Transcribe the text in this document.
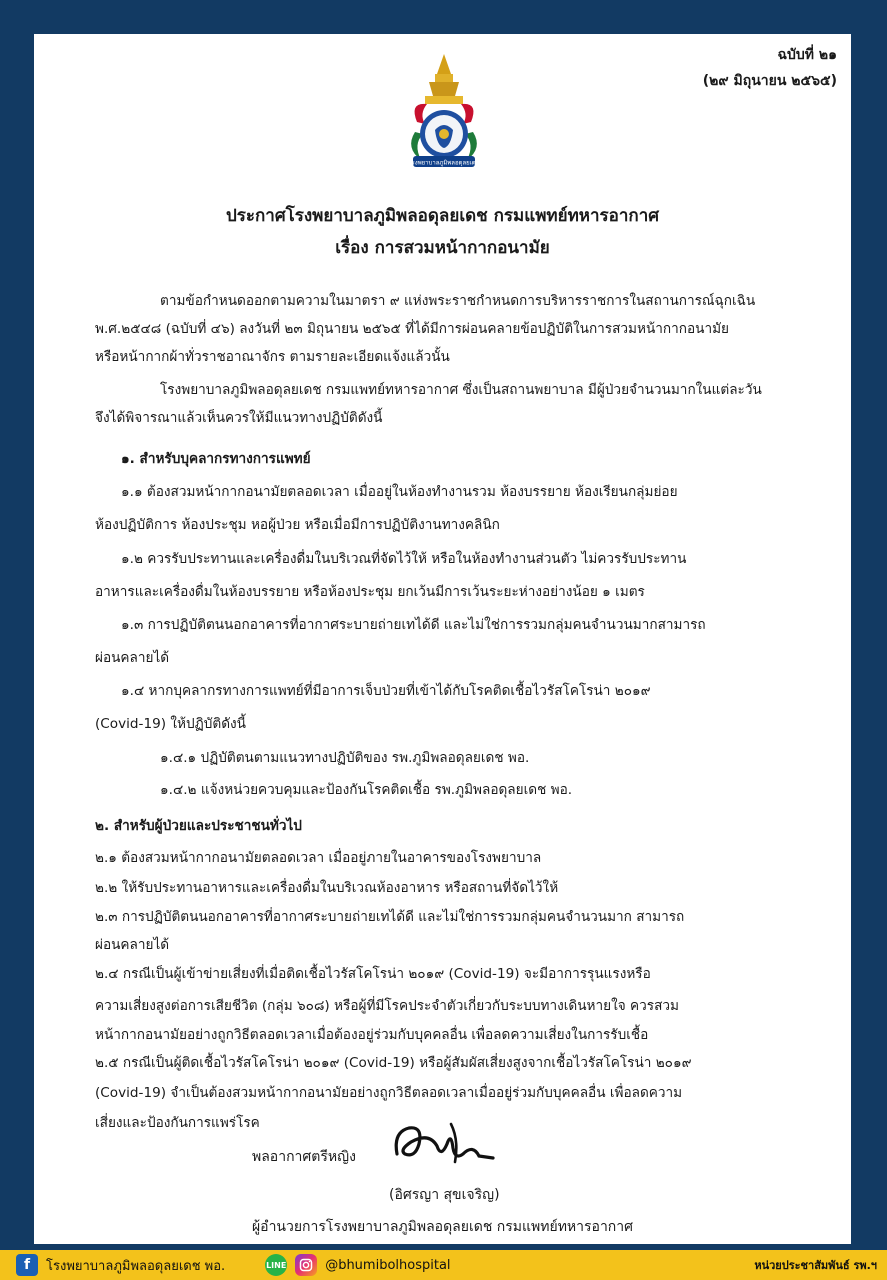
ฉบับที่ ๒๑
(๒๙ มิถุนายน ๒๕๖๕)
โรงพยาบาลภูมิพลอดุลยเดช
ประกาศโรงพยาบาลภูมิพลอดุลยเดช กรมแพทย์ทหารอากาศ
เรื่อง การสวมหน้ากากอนามัย
ตามข้อกำหนดออกตามความในมาตรา ๙ แห่งพระราชกำหนดการบริหารราชการในสถานการณ์ฉุกเฉิน
พ.ศ.๒๕๔๘ (ฉบับที่ ๔๖) ลงวันที่ ๒๓ มิถุนายน ๒๕๖๕ ที่ได้มีการผ่อนคลายข้อปฏิบัติในการสวมหน้ากากอนามัย
หรือหน้ากากผ้าทั่วราชอาณาจักร ตามรายละเอียดแจ้งแล้วนั้น
โรงพยาบาลภูมิพลอดุลยเดช กรมแพทย์ทหารอากาศ ซึ่งเป็นสถานพยาบาล มีผู้ป่วยจำนวนมากในแต่ละวัน
จึงได้พิจารณาแล้วเห็นควรให้มีแนวทางปฏิบัติดังนี้
๑. สำหรับบุคลากรทางการแพทย์
๑.๑ ต้องสวมหน้ากากอนามัยตลอดเวลา เมื่ออยู่ในห้องทำงานรวม ห้องบรรยาย ห้องเรียนกลุ่มย่อย
ห้องปฏิบัติการ ห้องประชุม หอผู้ป่วย หรือเมื่อมีการปฏิบัติงานทางคลินิก
๑.๒ ควรรับประทานและเครื่องดื่มในบริเวณที่จัดไว้ให้ หรือในห้องทำงานส่วนตัว ไม่ควรรับประทาน
อาหารและเครื่องดื่มในห้องบรรยาย หรือห้องประชุม ยกเว้นมีการเว้นระยะห่างอย่างน้อย ๑ เมตร
๑.๓ การปฏิบัติตนนอกอาคารที่อากาศระบายถ่ายเทได้ดี และไม่ใช่การรวมกลุ่มคนจำนวนมากสามารถ
ผ่อนคลายได้
๑.๔ หากบุคลากรทางการแพทย์ที่มีอาการเจ็บป่วยที่เข้าได้กับโรคติดเชื้อไวรัสโคโรน่า ๒๐๑๙
(Covid-19) ให้ปฏิบัติดังนี้
๑.๔.๑ ปฏิบัติตนตามแนวทางปฏิบัติของ รพ.ภูมิพลอดุลยเดช พอ.
๑.๔.๒ แจ้งหน่วยควบคุมและป้องกันโรคติดเชื้อ รพ.ภูมิพลอดุลยเดช พอ.
๒. สำหรับผู้ป่วยและประชาชนทั่วไป
๒.๑ ต้องสวมหน้ากากอนามัยตลอดเวลา เมื่ออยู่ภายในอาคารของโรงพยาบาล
๒.๒ ให้รับประทานอาหารและเครื่องดื่มในบริเวณห้องอาหาร หรือสถานที่จัดไว้ให้
๒.๓ การปฏิบัติตนนอกอาคารที่อากาศระบายถ่ายเทได้ดี และไม่ใช่การรวมกลุ่มคนจำนวนมาก สามารถ
ผ่อนคลายได้
๒.๔ กรณีเป็นผู้เข้าข่ายเสี่ยงที่เมื่อติดเชื้อไวรัสโคโรน่า ๒๐๑๙ (Covid-19) จะมีอาการรุนแรงหรือ
ความเสี่ยงสูงต่อการเสียชีวิต (กลุ่ม ๖๐๘) หรือผู้ที่มีโรคประจำตัวเกี่ยวกับระบบทางเดินหายใจ ควรสวม
หน้ากากอนามัยอย่างถูกวิธีตลอดเวลาเมื่อต้องอยู่ร่วมกับบุคคลอื่น เพื่อลดความเสี่ยงในการรับเชื้อ
๒.๕ กรณีเป็นผู้ติดเชื้อไวรัสโคโรน่า ๒๐๑๙ (Covid-19) หรือผู้สัมผัสเสี่ยงสูงจากเชื้อไวรัสโคโรน่า ๒๐๑๙
(Covid-19) จำเป็นต้องสวมหน้ากากอนามัยอย่างถูกวิธีตลอดเวลาเมื่ออยู่ร่วมกับบุคคลอื่น เพื่อลดความ
เสี่ยงและป้องกันการแพร่โรค
พลอากาศตรีหญิง
(อิศรญา สุขเจริญ)
ผู้อำนวยการโรงพยาบาลภูมิพลอดุลยเดช กรมแพทย์ทหารอากาศ
f	โรงพยาบาลภูมิพลอดุลยเดช พอ.	LINE	@bhumibolhospital	หน่วยประชาสัมพันธ์ รพ.ฯ
